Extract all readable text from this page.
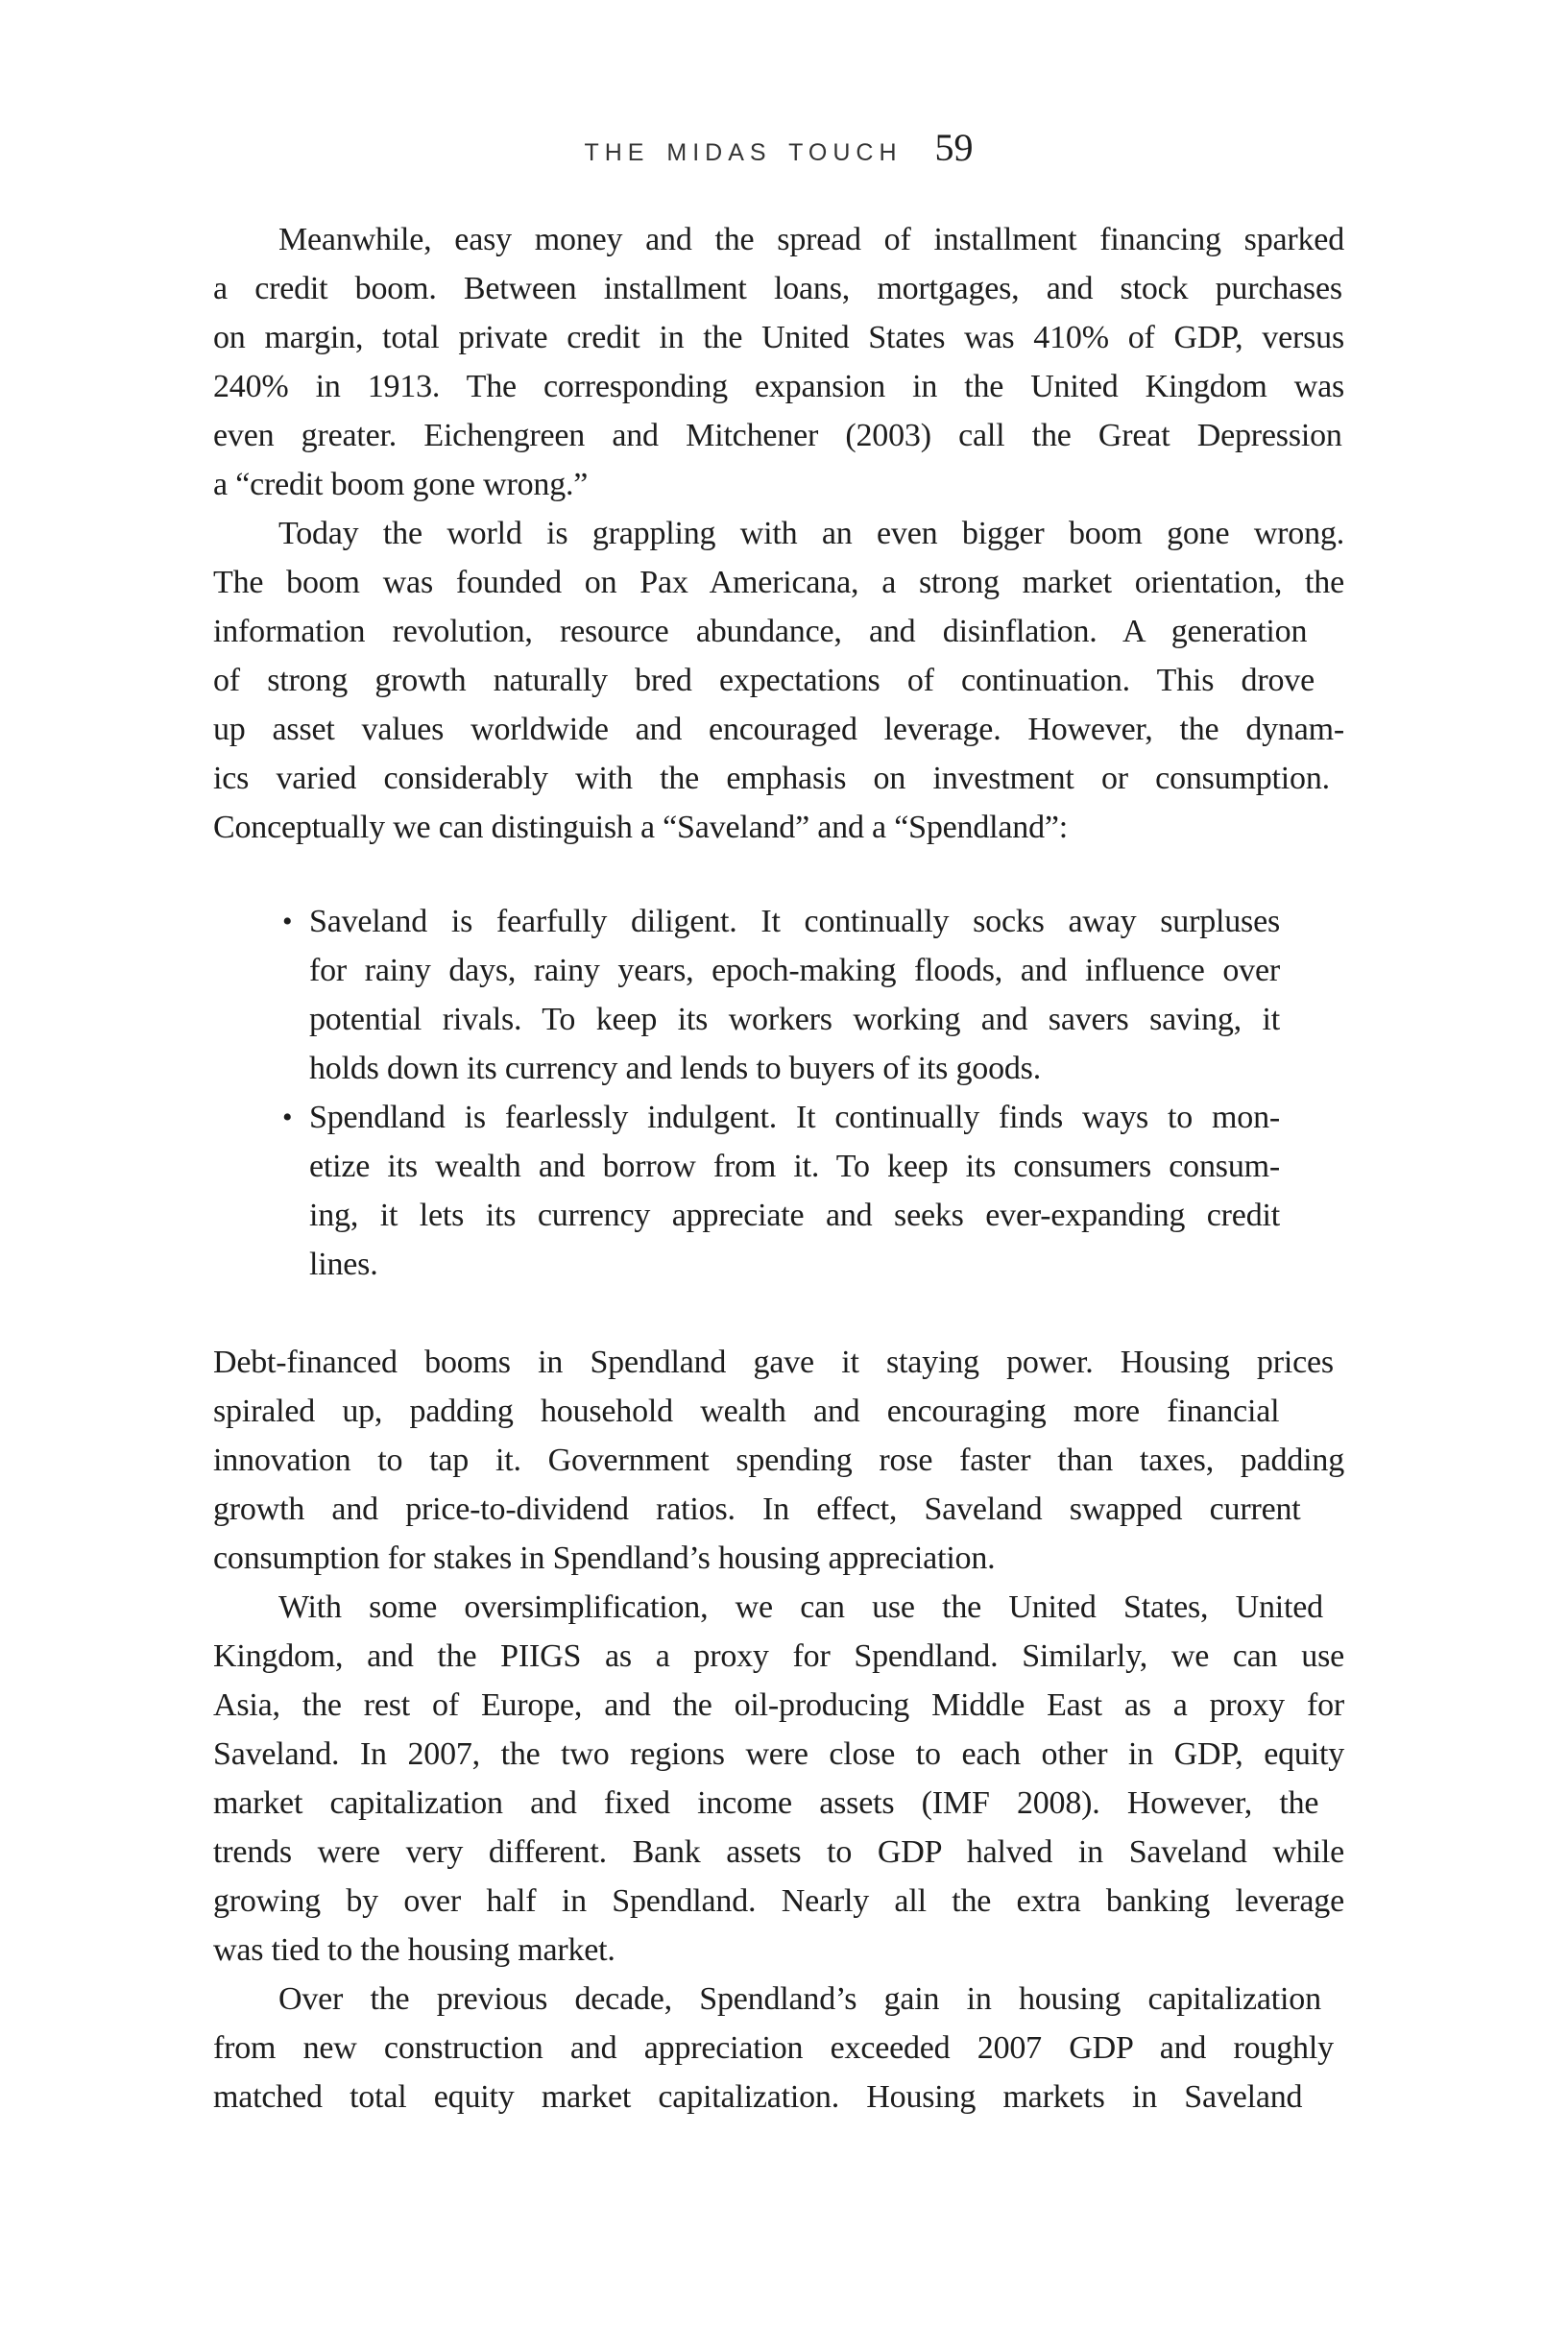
THE MIDAS TOUCH 59
Meanwhile, easy money and the spread of installment financing sparked
a credit boom. Between installment loans, mortgages, and stock purchases
on margin, total private credit in the United States was 410% of GDP, versus
240% in 1913. The corresponding expansion in the United Kingdom was
even greater. Eichengreen and Mitchener (2003) call the Great Depression
a “credit boom gone wrong.”
Today the world is grappling with an even bigger boom gone wrong.
The boom was founded on Pax Americana, a strong market orientation, the
information revolution, resource abundance, and disinflation. A generation
of strong growth naturally bred expectations of continuation. This drove
up asset values worldwide and encouraged leverage. However, the dynam-
ics varied considerably with the emphasis on investment or consumption.
Conceptually we can distinguish a “Saveland” and a “Spendland”:
• Saveland is fearfully diligent. It continually socks away surpluses
for rainy days, rainy years, epoch-making floods, and influence over
potential rivals. To keep its workers working and savers saving, it
holds down its currency and lends to buyers of its goods.
• Spendland is fearlessly indulgent. It continually finds ways to mon-
etize its wealth and borrow from it. To keep its consumers consum-
ing, it lets its currency appreciate and seeks ever-expanding credit
lines.
Debt-financed booms in Spendland gave it staying power. Housing prices
spiraled up, padding household wealth and encouraging more financial
innovation to tap it. Government spending rose faster than taxes, padding
growth and price-to-dividend ratios. In effect, Saveland swapped current
consumption for stakes in Spendland’s housing appreciation.
With some oversimplification, we can use the United States, United
Kingdom, and the PIIGS as a proxy for Spendland. Similarly, we can use
Asia, the rest of Europe, and the oil-producing Middle East as a proxy for
Saveland. In 2007, the two regions were close to each other in GDP, equity
market capitalization and fixed income assets (IMF 2008). However, the
trends were very different. Bank assets to GDP halved in Saveland while
growing by over half in Spendland. Nearly all the extra banking leverage
was tied to the housing market.
Over the previous decade, Spendland’s gain in housing capitalization
from new construction and appreciation exceeded 2007 GDP and roughly
matched total equity market capitalization. Housing markets in Saveland
